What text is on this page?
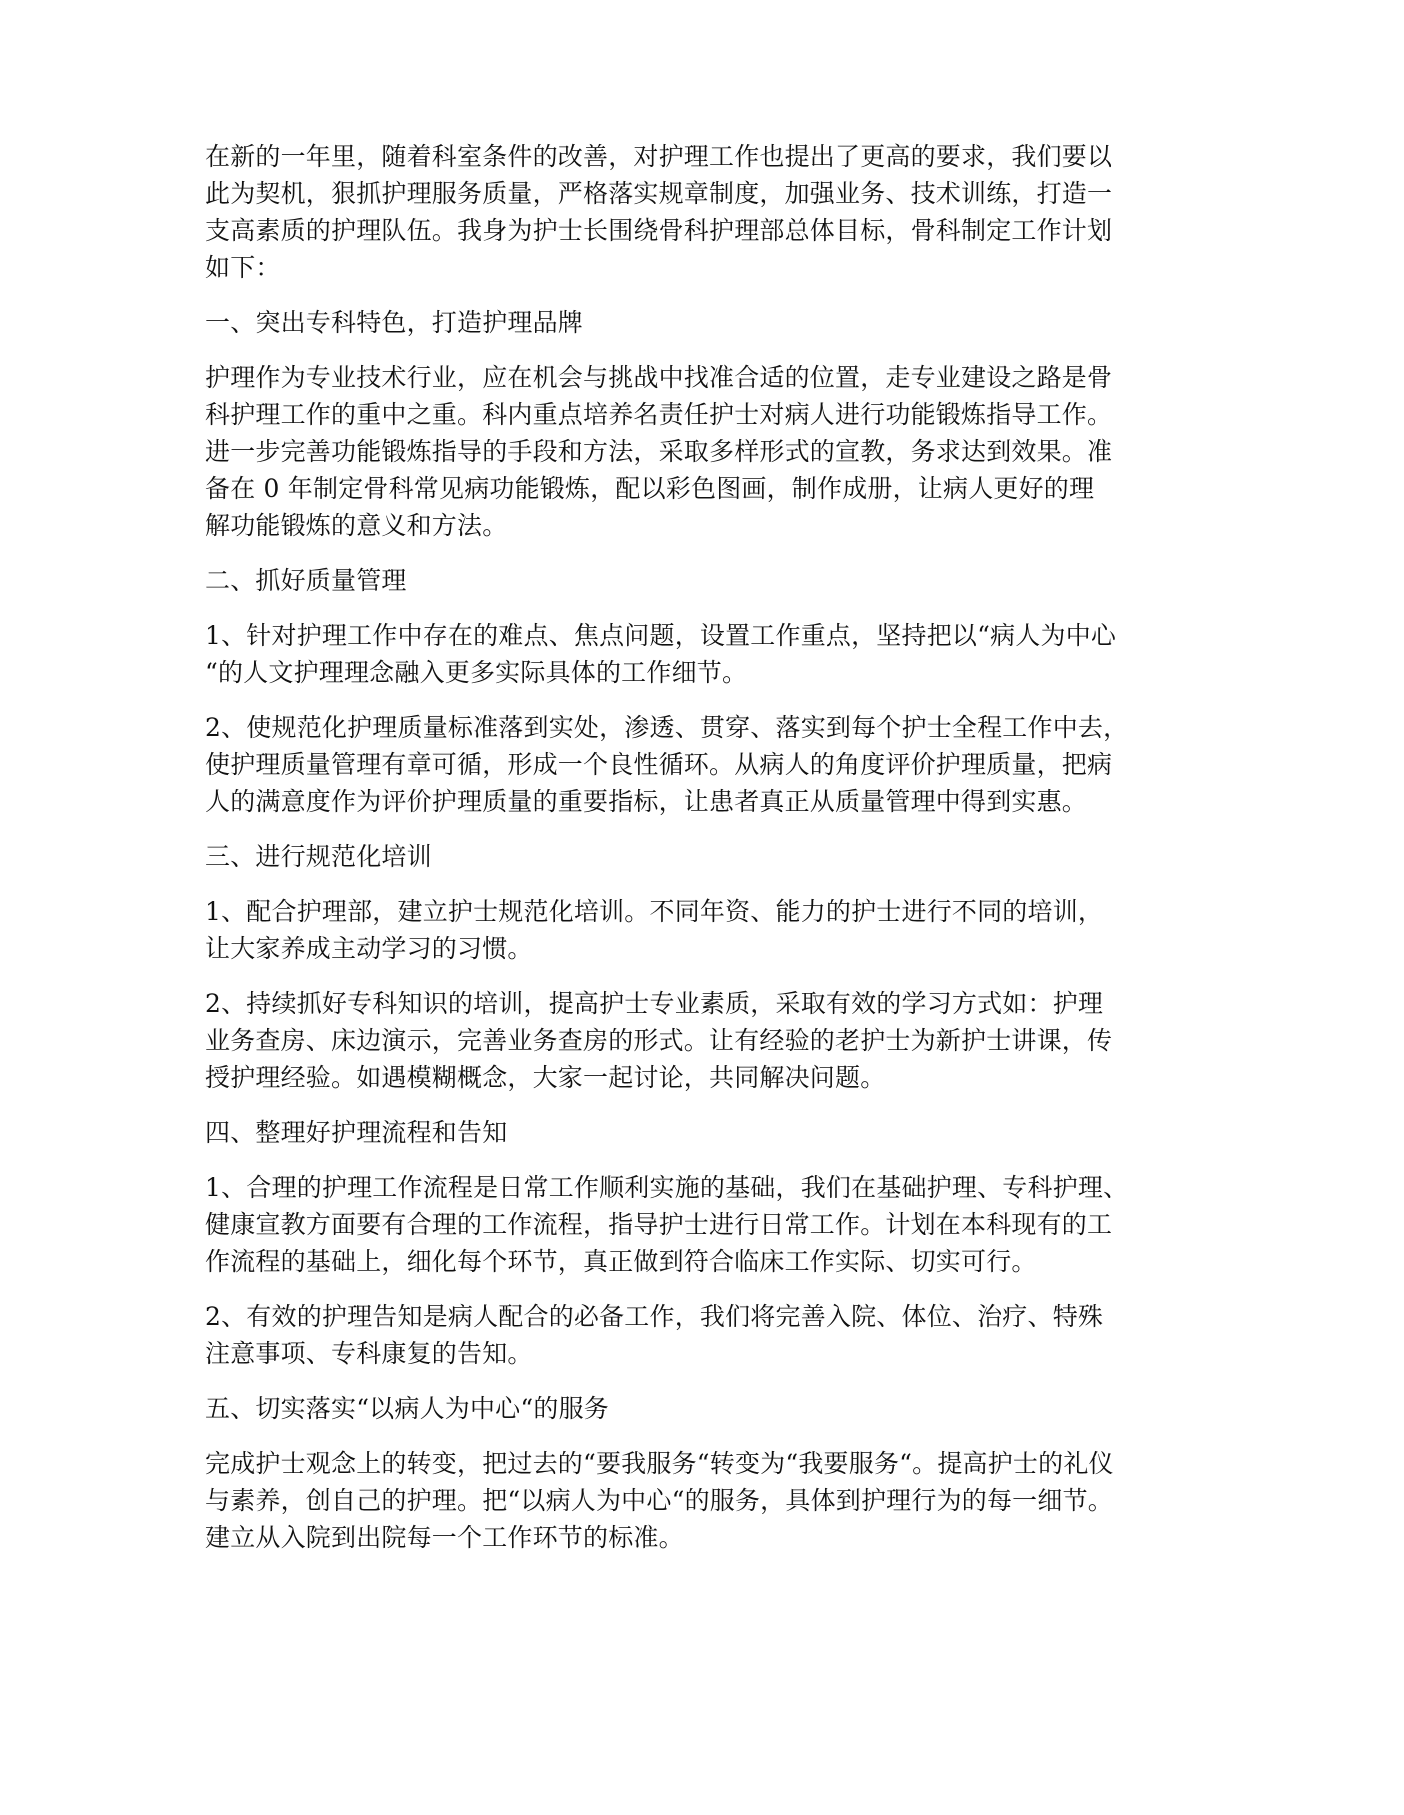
在新的一年里，随着科室条件的改善，对护理工作也提出了更高的要求，我们要以
此为契机，狠抓护理服务质量，严格落实规章制度，加强业务、技术训练，打造一
支高素质的护理队伍。我身为护士长围绕骨科护理部总体目标，骨科制定工作计划
如下：

一、突出专科特色，打造护理品牌

护理作为专业技术行业，应在机会与挑战中找准合适的位置，走专业建设之路是骨
科护理工作的重中之重。科内重点培养名责任护士对病人进行功能锻炼指导工作。
进一步完善功能锻炼指导的手段和方法，采取多样形式的宣教，务求达到效果。准
备在 0 年制定骨科常见病功能锻炼，配以彩色图画，制作成册，让病人更好的理
解功能锻炼的意义和方法。

二、抓好质量管理

1、针对护理工作中存在的难点、焦点问题，设置工作重点，坚持把以“病人为中心
“的人文护理理念融入更多实际具体的工作细节。

2、使规范化护理质量标准落到实处，渗透、贯穿、落实到每个护士全程工作中去，
使护理质量管理有章可循，形成一个良性循环。从病人的角度评价护理质量，把病
人的满意度作为评价护理质量的重要指标，让患者真正从质量管理中得到实惠。

三、进行规范化培训

1、配合护理部，建立护士规范化培训。不同年资、能力的护士进行不同的培训，
让大家养成主动学习的习惯。

2、持续抓好专科知识的培训，提高护士专业素质，采取有效的学习方式如：护理
业务查房、床边演示，完善业务查房的形式。让有经验的老护士为新护士讲课，传
授护理经验。如遇模糊概念，大家一起讨论，共同解决问题。

四、整理好护理流程和告知

1、合理的护理工作流程是日常工作顺利实施的基础，我们在基础护理、专科护理、
健康宣教方面要有合理的工作流程，指导护士进行日常工作。计划在本科现有的工
作流程的基础上，细化每个环节，真正做到符合临床工作实际、切实可行。

2、有效的护理告知是病人配合的必备工作，我们将完善入院、体位、治疗、特殊
注意事项、专科康复的告知。

五、切实落实“以病人为中心“的服务

完成护士观念上的转变，把过去的“要我服务“转变为“我要服务“。提高护士的礼仪
与素养，创自己的护理。把“以病人为中心“的服务，具体到护理行为的每一细节。
建立从入院到出院每一个工作环节的标准。
